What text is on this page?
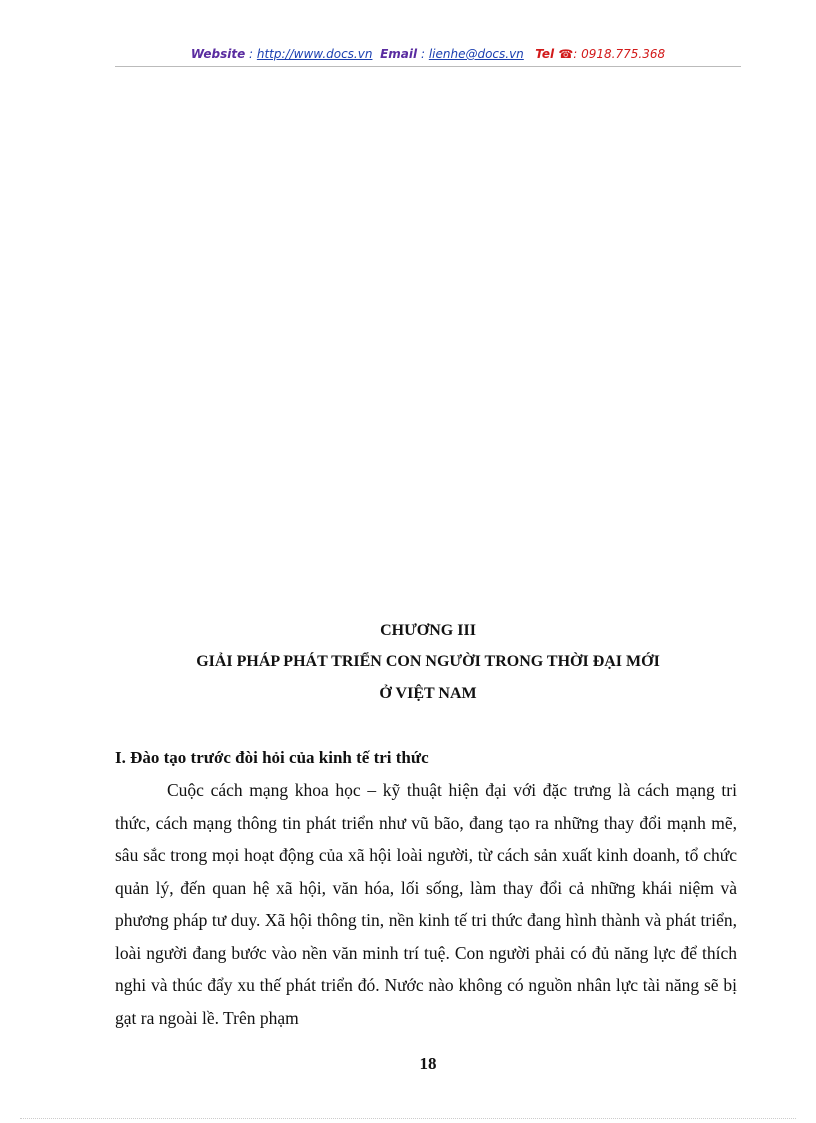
Website : http://www.docs.vn Email : lienhe@docs.vn Tel ☎: 0918.775.368
CHƯƠNG III
GIẢI PHÁP PHÁT TRIỂN CON NGƯỜI TRONG THỜI ĐẠI MỚI
Ở VIỆT NAM
I. Đào tạo trước đòi hỏi của kinh tế tri thức

Cuộc cách mạng khoa học – kỹ thuật hiện đại với đặc trưng là cách mạng tri thức, cách mạng thông tin phát triển như vũ bão, đang tạo ra những thay đổi mạnh mẽ, sâu sắc trong mọi hoạt động của xã hội loài người, từ cách sản xuất kinh doanh, tổ chức quản lý, đến quan hệ xã hội, văn hóa, lối sống, làm thay đổi cả những khái niệm và phương pháp tư duy. Xã hội thông tin, nền kinh tế tri thức đang hình thành và phát triển, loài người đang bước vào nền văn minh trí tuệ. Con người phải có đủ năng lực để thích nghi và thúc đẩy xu thế phát triển đó. Nước nào không có nguồn nhân lực tài năng sẽ bị gạt ra ngoài lề. Trên phạm

18
